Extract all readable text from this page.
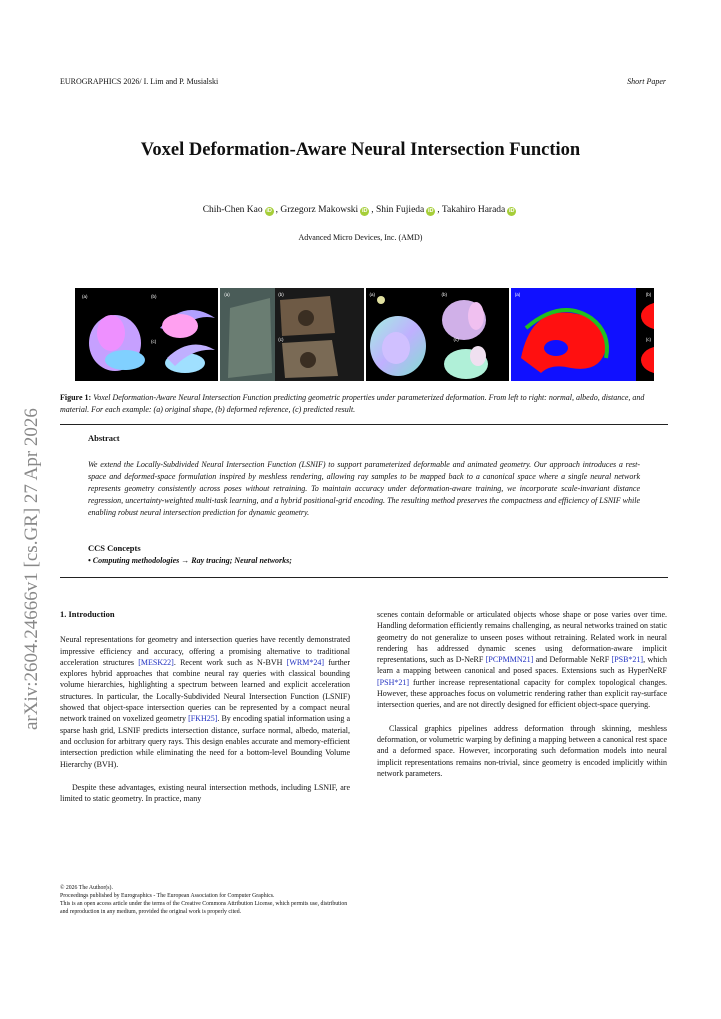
EUROGRAPHICS 2026/ I. Lim and P. Musialski	Short Paper
Voxel Deformation-Aware Neural Intersection Function
Chih-Chen Kao iD , Grzegorz Makowski iD , Shin Fujieda iD , Takahiro Harada iD
Advanced Micro Devices, Inc. (AMD)
arXiv:2604.24666v1 [cs.GR] 27 Apr 2026
(a)	(b)
(c)
(a)	(b)
(c)
(a)	(b)
(c)
(a)	(b)
(c)
Figure 1: Voxel Deformation-Aware Neural Intersection Function predicting geometric properties under parameterized deformation. From left to right: normal, albedo, distance, and material. For each example: (a) original shape, (b) deformed reference, (c) predicted result.
Abstract
We extend the Locally-Subdivided Neural Intersection Function (LSNIF) to support parameterized deformable and animated geometry. Our approach introduces a rest-space and deformed-space formulation inspired by meshless rendering, allowing ray samples to be mapped back to a canonical space where a single neural network represents geometry consistently across poses without retraining. To maintain accuracy under deformation-aware training, we incorporate scale-invariant distance regression, uncertainty-weighted multi-task learning, and a hybrid positional-grid encoding. The resulting method preserves the compactness and efficiency of LSNIF while enabling robust neural intersection prediction for dynamic geometry.
CCS Concepts
• Computing methodologies → Ray tracing; Neural networks;
1. Introduction

Neural representations for geometry and intersection queries have recently demonstrated impressive efficiency and accuracy, offering a promising alternative to traditional acceleration structures [MESK22]. Recent work such as N-BVH [WRM*24] further explores hybrid approaches that combine neural ray queries with classical bounding volume hierarchies, highlighting a spectrum between learned and explicit acceleration structures. In particular, the Locally-Subdivided Neural Intersection Function (LSNIF) showed that object-space intersection queries can be represented by a compact neural network trained on voxelized geometry [FKH25]. By encoding spatial information using a sparse hash grid, LSNIF predicts intersection distance, surface normal, albedo, material, and occlusion for arbitrary query rays. This design enables accurate and memory-efficient intersection prediction while eliminating the need for a bottom-level Bounding Volume Hierarchy (BVH).

Despite these advantages, existing neural intersection methods, including LSNIF, are limited to static geometry. In practice, many

scenes contain deformable or articulated objects whose shape or pose varies over time. Handling deformation efficiently remains challenging, as neural networks trained on static geometry do not generalize to unseen poses without retraining. Related work in neural rendering has addressed dynamic scenes using deformation-aware implicit representations, such as D-NeRF [PCPMMN21] and Deformable NeRF [PSB*21], which learn a mapping between canonical and posed spaces. Extensions such as HyperNeRF [PSH*21] further increase representational capacity for complex topological changes. However, these approaches focus on volumetric rendering rather than explicit ray-surface intersection queries, and are not directly designed for efficient object-space querying.

Classical graphics pipelines address deformation through skinning, meshless deformation, or volumetric warping by defining a mapping between a canonical rest space and a deformed space. However, incorporating such deformation models into neural implicit representations remains non-trivial, since geometry is encoded implicitly within network parameters.

© 2026 The Author(s).
Proceedings published by Eurographics - The European Association for Computer Graphics.
This is an open access article under the terms of the Creative Commons Attribution License, which permits use, distribution and reproduction in any medium, provided the original work is properly cited.
